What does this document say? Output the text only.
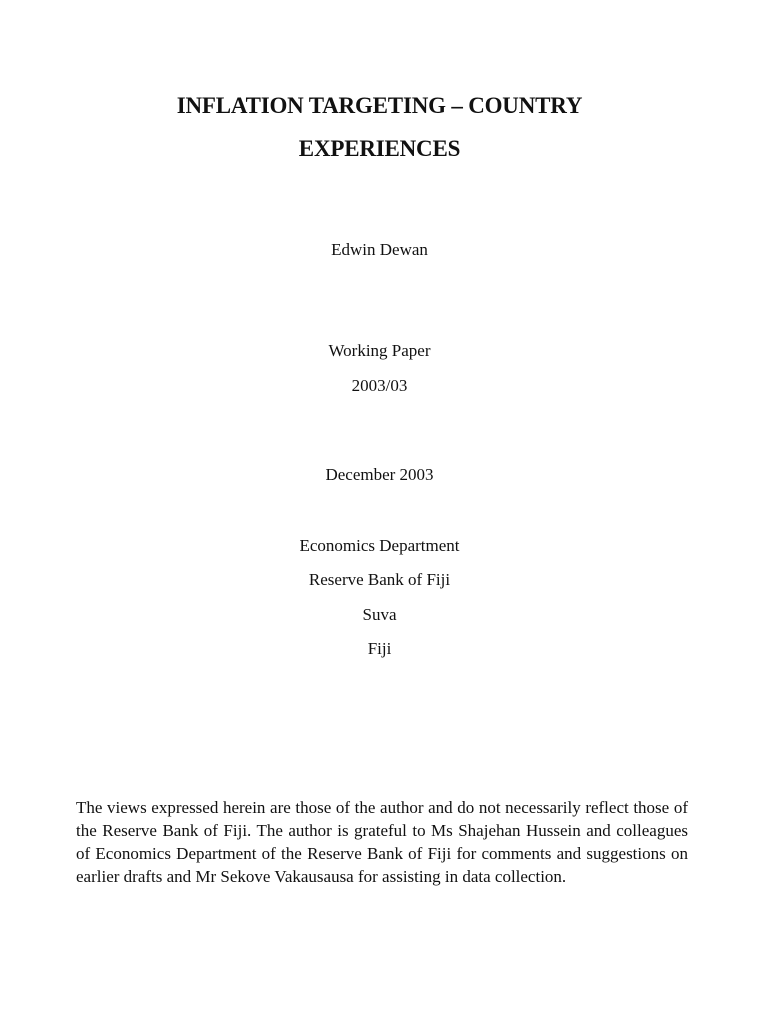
INFLATION TARGETING – COUNTRY
EXPERIENCES
Edwin Dewan
Working Paper
2003/03
December 2003
Economics Department
Reserve Bank of Fiji
Suva
Fiji

The views expressed herein are those of the author and do not necessarily reflect those of the Reserve Bank of Fiji. The author is grateful to Ms Shajehan Hussein and colleagues of Economics Department of the Reserve Bank of Fiji for comments and suggestions on earlier drafts and Mr Sekove Vakausausa for assisting in data collection.
